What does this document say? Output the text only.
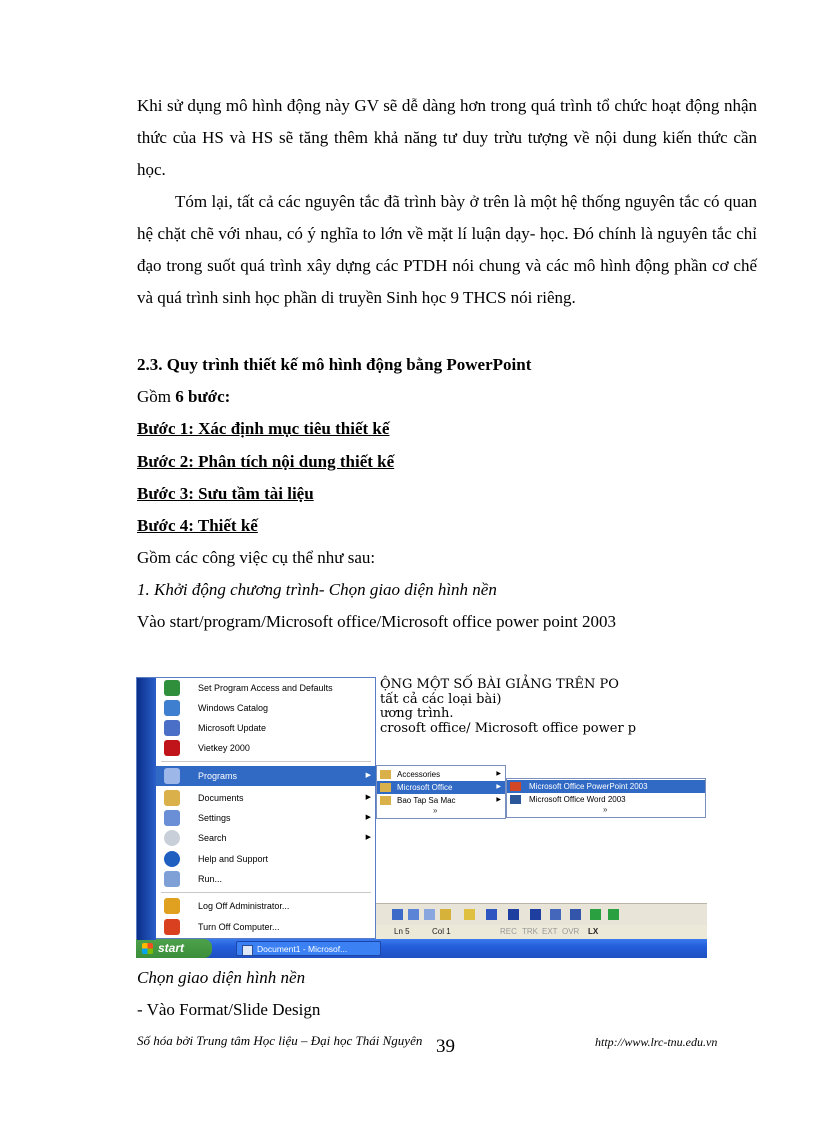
Khi sử dụng mô hình động này GV sẽ dễ dàng hơn trong quá trình tổ chức hoạt động nhận thức của HS và HS sẽ tăng thêm khả năng tư duy trừu tượng về nội dung kiến thức cần học.

Tóm lại, tất cả các nguyên tắc đã trình bày ở trên là một hệ thống nguyên tắc có quan hệ chặt chẽ với nhau, có ý nghĩa to lớn về mặt lí luận dạy- học. Đó chính là nguyên tắc chỉ đạo trong suốt quá trình xây dựng các PTDH nói chung và các mô hình động phần cơ chế và quá trình sinh học phần di truyền Sinh học 9 THCS nói riêng.

2.3. Quy trình thiết kế mô hình động bằng PowerPoint
Gồm 6 bước:
Bước 1: Xác định mục tiêu thiết kế
Bước 2: Phân tích nội dung thiết kế
Bước 3: Sưu tầm tài liệu
Bước 4: Thiết kế
Gồm các công việc cụ thể như sau:
1. Khởi động chương trình- Chọn giao diện hình nền
Vào start/program/Microsoft office/Microsoft office power point 2003
ỘNG MỘT SỐ BÀI GIẢNG TRÊN PO
tất cả các loại bài)
ương trình.
crosoft office/ Microsoft office power p
Ln 5	Col 1	REC TRK EXT OVR LX
start	Document1 - Microsof...
Windows XP Professional
Set Program Access and Defaults
Windows Catalog
Microsoft Update
Vietkey 2000
Programs	▶
Documents	▶
Settings	▶
Search	▶
Help and Support
Run...
Log Off Administrator...
Turn Off Computer...
Accessories	▶
Microsoft Office	▶
Bao Tap Sa Mac	▶
»
Microsoft Office PowerPoint 2003
Microsoft Office Word 2003
»
Chọn giao diện hình nền
- Vào Format/Slide Design
Số hóa bởi Trung tâm Học liệu – Đại học Thái Nguyên 39	http://www.lrc-tnu.edu.vn
